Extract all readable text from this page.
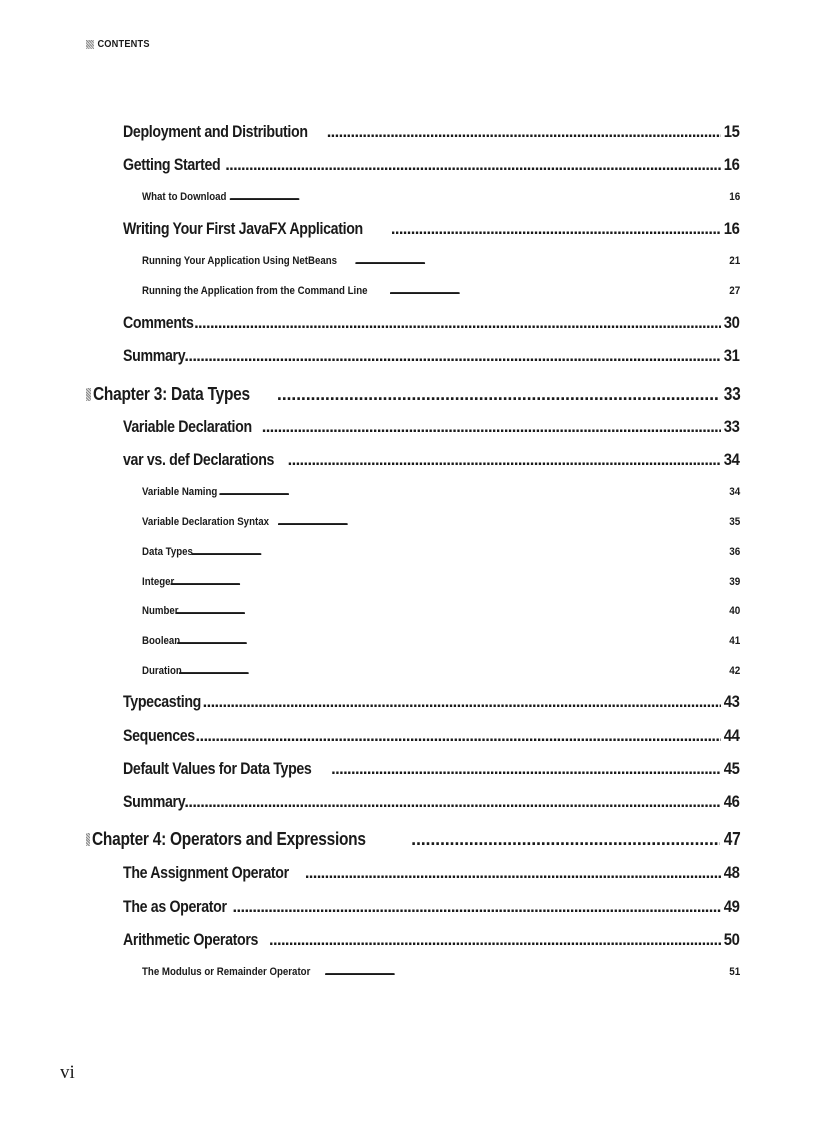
CONTENTS
Deployment and Distribution . . .	15
Getting Started . . .	16
What to Download . . .	16
Writing Your First JavaFX Application . . .	16
Running Your Application Using NetBeans . . .	21
Running the Application from the Command Line . . .	27
Comments . . .	30
Summary . . .	31
Chapter 3: Data Types . . .	33
Variable Declaration . . .	33
var vs. def Declarations . . .	34
Variable Naming . . .	34
Variable Declaration Syntax . . .	35
Data Types . . .	36
Integer . . .	39
Number . . .	40
Boolean . . .	41
Duration . . .	42
Typecasting . . .	43
Sequences . . .	44
Default Values for Data Types . . .	45
Summary . . .	46
Chapter 4: Operators and Expressions . . .	47
The Assignment Operator . . .	48
The as Operator . . .	49
Arithmetic Operators . . .	50
The Modulus or Remainder Operator . . .	51
vi
